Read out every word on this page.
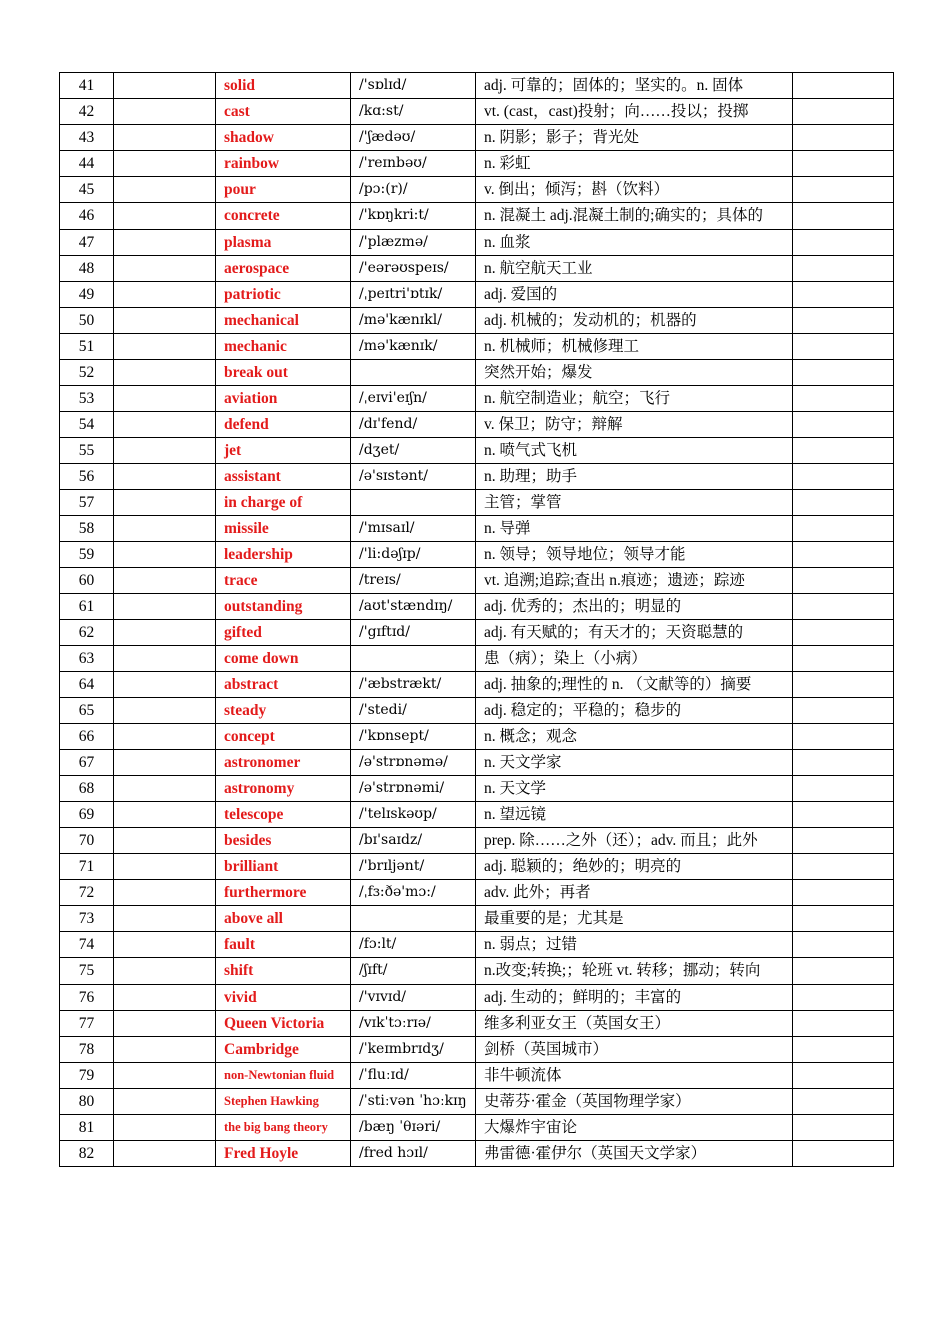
41		solid	/'sɒlɪd/	adj. 可靠的；固体的；坚实的。n. 固体	
42		cast	/kɑ:st/	vt. (cast，cast)投射；向……投以；投掷	
43		shadow	/'ʃædəʊ/	n. 阴影；影子；背光处	
44		rainbow	/'reɪnbəʊ/	n. 彩虹	
45		pour	/pɔ:(r)/	v. 倒出；倾泻；斟（饮料）	
46		concrete	/'kɒŋkri:t/	n. 混凝土 adj.混凝土制的;确实的；具体的	
47		plasma	/'plæzmə/	n. 血浆	
48		aerospace	/'eərəʊspeɪs/	n. 航空航天工业	
49		patriotic	/ˌpeɪtri'ɒtɪk/	adj. 爱国的	
50		mechanical	/mə'kænɪkl/	adj. 机械的；发动机的；机器的	
51		mechanic	/mə'kænɪk/	n. 机械师；机械修理工	
52		break out		突然开始；爆发	
53		aviation	/ˌeɪvi'eɪʃn/	n. 航空制造业；航空；飞行	
54		defend	/dɪ'fend/	v. 保卫；防守；辩解	
55		jet	/dʒet/	n. 喷气式飞机	
56		assistant	/ə'sɪstənt/	n. 助理；助手	
57		in charge of		主管；掌管	
58		missile	/'mɪsaɪl/	n. 导弹	
59		leadership	/'li:dəʃɪp/	n. 领导；领导地位；领导才能	
60		trace	/treɪs/	vt. 追溯;追踪;查出 n.痕迹；遗迹；踪迹	
61		outstanding	/aʊt'stændɪŋ/	adj. 优秀的；杰出的；明显的	
62		gifted	/'gɪftɪd/	adj. 有天赋的；有天才的；天资聪慧的	
63		come down		患（病）；染上（小病）	
64		abstract	/'æbstrækt/	adj. 抽象的;理性的 n. （文献等的）摘要	
65		steady	/'stedi/	adj. 稳定的；平稳的；稳步的	
66		concept	/'kɒnsept/	n. 概念；观念	
67		astronomer	/ə'strɒnəmə/	n. 天文学家	
68		astronomy	/ə'strɒnəmi/	n. 天文学	
69		telescope	/'telɪskəʊp/	n. 望远镜	
70		besides	/bɪ'saɪdz/	prep. 除……之外（还）；adv. 而且；此外	
71		brilliant	/'brɪljənt/	adj. 聪颖的；绝妙的；明亮的	
72		furthermore	/ˌfɜ:ðə'mɔ:/	adv. 此外；再者	
73		above all		最重要的是；尤其是	
74		fault	/fɔ:lt/	n. 弱点；过错	
75		shift	/ʃɪft/	n.改变;转换;；轮班 vt. 转移；挪动；转向	
76		vivid	/'vɪvɪd/	adj. 生动的；鲜明的；丰富的	
77		Queen Victoria	/vɪkˈtɔːrɪə/	维多利亚女王（英国女王）	
78		Cambridge	/ˈkeɪmbrɪdʒ/	剑桥（英国城市）	
79		non-Newtonian fluid	/ˈfluːɪd/	非牛顿流体	
80		Stephen Hawking	/ˈstiːvən ˈhɔːkɪŋ	史蒂芬·霍金（英国物理学家）	
81		the big bang theory	/bæŋ ˈθɪəri/	大爆炸宇宙论	
82		Fred Hoyle	/fred hɔɪl/	弗雷德·霍伊尔（英国天文学家）	
